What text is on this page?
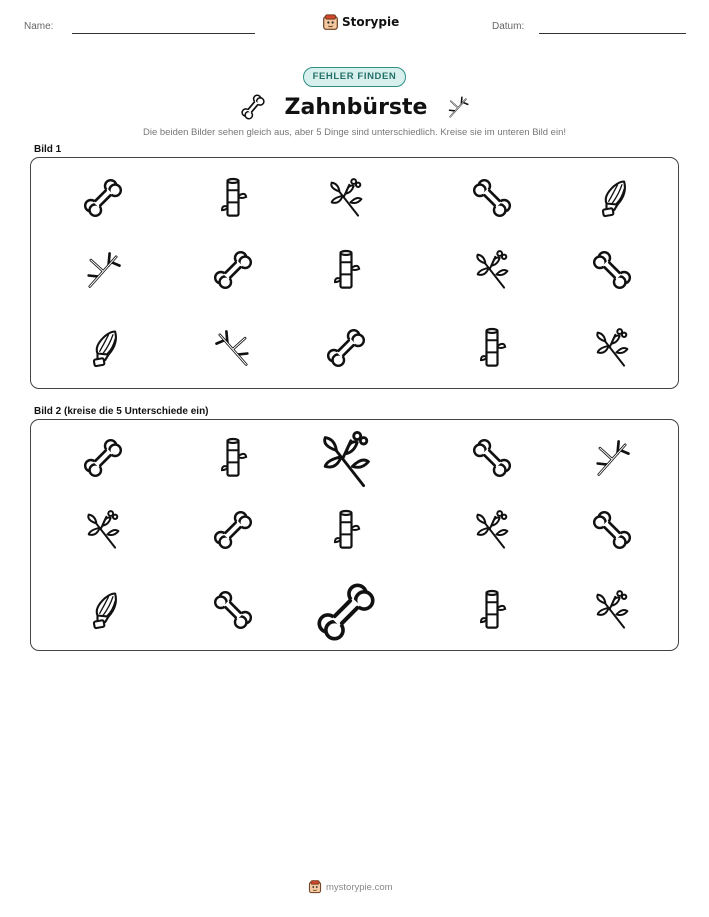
Name:	Storypie	Datum:
FEHLER FINDEN
Zahnbürste
Die beiden Bilder sehen gleich aus, aber 5 Dinge sind unterschiedlich. Kreise sie im unteren Bild ein!
Bild 1
Bild 2 (kreise die 5 Unterschiede ein)
mystorypie.com
